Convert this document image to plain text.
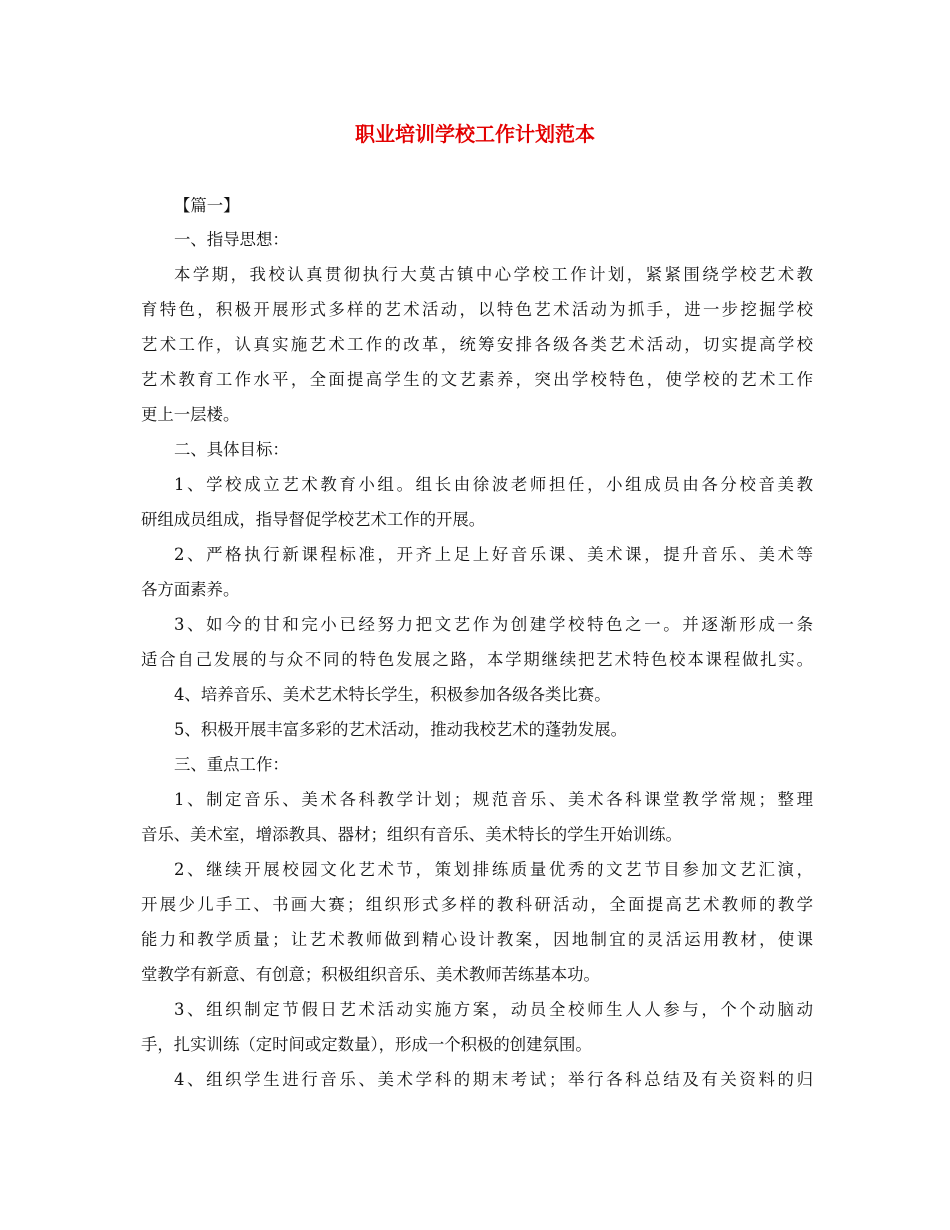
职业培训学校工作计划范本
【篇一】
一、指导思想：
本学期，我校认真贯彻执行大莫古镇中心学校工作计划，紧紧围绕学校艺术教
育特色，积极开展形式多样的艺术活动，以特色艺术活动为抓手，进一步挖掘学校
艺术工作，认真实施艺术工作的改革，统筹安排各级各类艺术活动，切实提高学校
艺术教育工作水平，全面提高学生的文艺素养，突出学校特色，使学校的艺术工作
更上一层楼。
二、具体目标：
1、学校成立艺术教育小组。组长由徐波老师担任，小组成员由各分校音美教
研组成员组成，指导督促学校艺术工作的开展。
2、严格执行新课程标准，开齐上足上好音乐课、美术课，提升音乐、美术等
各方面素养。
3、如今的甘和完小已经努力把文艺作为创建学校特色之一。并逐渐形成一条
适合自己发展的与众不同的特色发展之路，本学期继续把艺术特色校本课程做扎实。
4、培养音乐、美术艺术特长学生，积极参加各级各类比赛。
5、积极开展丰富多彩的艺术活动，推动我校艺术的蓬勃发展。
三、重点工作：
1、制定音乐、美术各科教学计划；规范音乐、美术各科课堂教学常规；整理
音乐、美术室，增添教具、器材；组织有音乐、美术特长的学生开始训练。
2、继续开展校园文化艺术节，策划排练质量优秀的文艺节目参加文艺汇演，
开展少儿手工、书画大赛；组织形式多样的教科研活动，全面提高艺术教师的教学
能力和教学质量；让艺术教师做到精心设计教案，因地制宜的灵活运用教材，使课
堂教学有新意、有创意；积极组织音乐、美术教师苦练基本功。
3、组织制定节假日艺术活动实施方案，动员全校师生人人参与，个个动脑动
手，扎实训练（定时间或定数量），形成一个积极的创建氛围。
4、组织学生进行音乐、美术学科的期末考试；举行各科总结及有关资料的归
